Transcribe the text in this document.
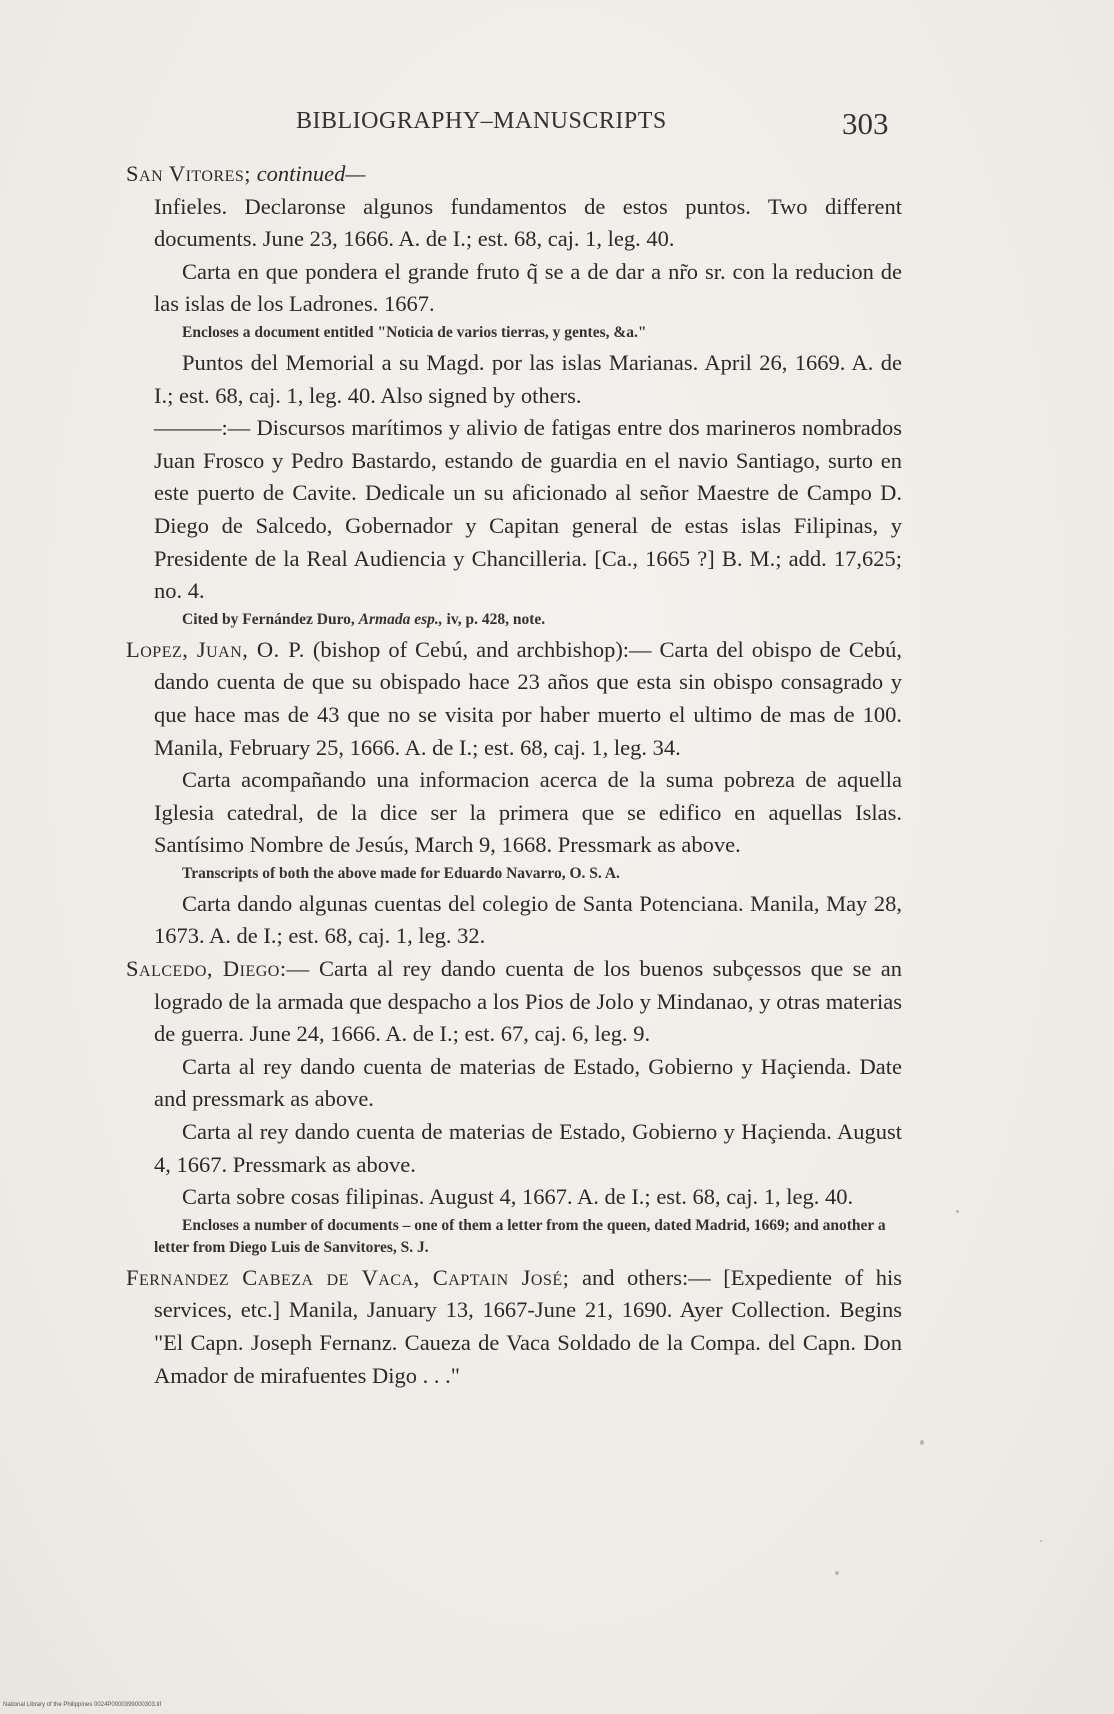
BIBLIOGRAPHY–MANUSCRIPTS	303

San Vitores; continued—

Infieles. Declaronse algunos fundamentos de estos puntos. Two different documents. June 23, 1666. A. de I.; est. 68, caj. 1, leg. 40.

Carta en que pondera el grande fruto q̃ se a de dar a nr̃o sr. con la reducion de las islas de los Ladrones. 1667.

Encloses a document entitled "Noticia de varios tierras, y gentes, &a."

Puntos del Memorial a su Magd. por las islas Marianas. April 26, 1669. A. de I.; est. 68, caj. 1, leg. 40. Also signed by others.

———:— Discursos marítimos y alivio de fatigas entre dos marineros nombrados Juan Frosco y Pedro Bastardo, estando de guardia en el navio Santiago, surto en este puerto de Cavite. Dedicale un su aficionado al señor Maestre de Campo D. Diego de Salcedo, Gobernador y Capitan general de estas islas Filipinas, y Presidente de la Real Audiencia y Chancilleria. [Ca., 1665 ?] B. M.; add. 17,625; no. 4.

Cited by Fernández Duro, Armada esp., iv, p. 428, note.

Lopez, Juan, O. P. (bishop of Cebú, and archbishop):— Carta del obispo de Cebú, dando cuenta de que su obispado hace 23 años que esta sin obispo consagrado y que hace mas de 43 que no se visita por haber muerto el ultimo de mas de 100. Manila, February 25, 1666. A. de I.; est. 68, caj. 1, leg. 34.

Carta acompañando una informacion acerca de la suma pobreza de aquella Iglesia catedral, de la dice ser la primera que se edifico en aquellas Islas. Santísimo Nombre de Jesús, March 9, 1668. Pressmark as above.

Transcripts of both the above made for Eduardo Navarro, O. S. A.

Carta dando algunas cuentas del colegio de Santa Potenciana. Manila, May 28, 1673. A. de I.; est. 68, caj. 1, leg. 32.

Salcedo, Diego:— Carta al rey dando cuenta de los buenos subçessos que se an logrado de la armada que despacho a los Pios de Jolo y Mindanao, y otras materias de guerra. June 24, 1666. A. de I.; est. 67, caj. 6, leg. 9.

Carta al rey dando cuenta de materias de Estado, Gobierno y Haçienda. Date and pressmark as above.

Carta al rey dando cuenta de materias de Estado, Gobierno y Haçienda. August 4, 1667. Pressmark as above.

Carta sobre cosas filipinas. August 4, 1667. A. de I.; est. 68, caj. 1, leg. 40.

Encloses a number of documents – one of them a letter from the queen, dated Madrid, 1669; and another a letter from Diego Luis de Sanvitores, S. J.

Fernandez Cabeza de Vaca, Captain José; and others:— [Expediente of his services, etc.] Manila, January 13, 1667-June 21, 1690. Ayer Collection. Begins "El Capn. Joseph Fernanz. Caueza de Vaca Soldado de la Compa. del Capn. Don Amador de mirafuentes Digo . . ."

National Library of the Philippines 0024P0000399000303.tif
